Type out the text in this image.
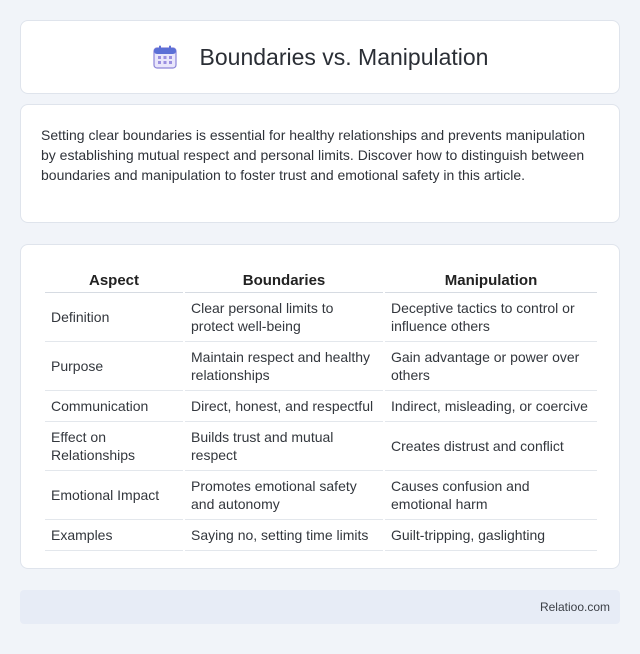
Boundaries vs. Manipulation

Setting clear boundaries is essential for healthy relationships and prevents manipulation by establishing mutual respect and personal limits. Discover how to distinguish between boundaries and manipulation to foster trust and emotional safety in this article.

Aspect	Boundaries	Manipulation
Definition	Clear personal limits to protect well-being	Deceptive tactics to control or influence others
Purpose	Maintain respect and healthy relationships	Gain advantage or power over others
Communication	Direct, honest, and respectful	Indirect, misleading, or coercive
Effect on Relationships	Builds trust and mutual respect	Creates distrust and conflict
Emotional Impact	Promotes emotional safety and autonomy	Causes confusion and emotional harm
Examples	Saying no, setting time limits	Guilt-tripping, gaslighting
Relatioo.com
